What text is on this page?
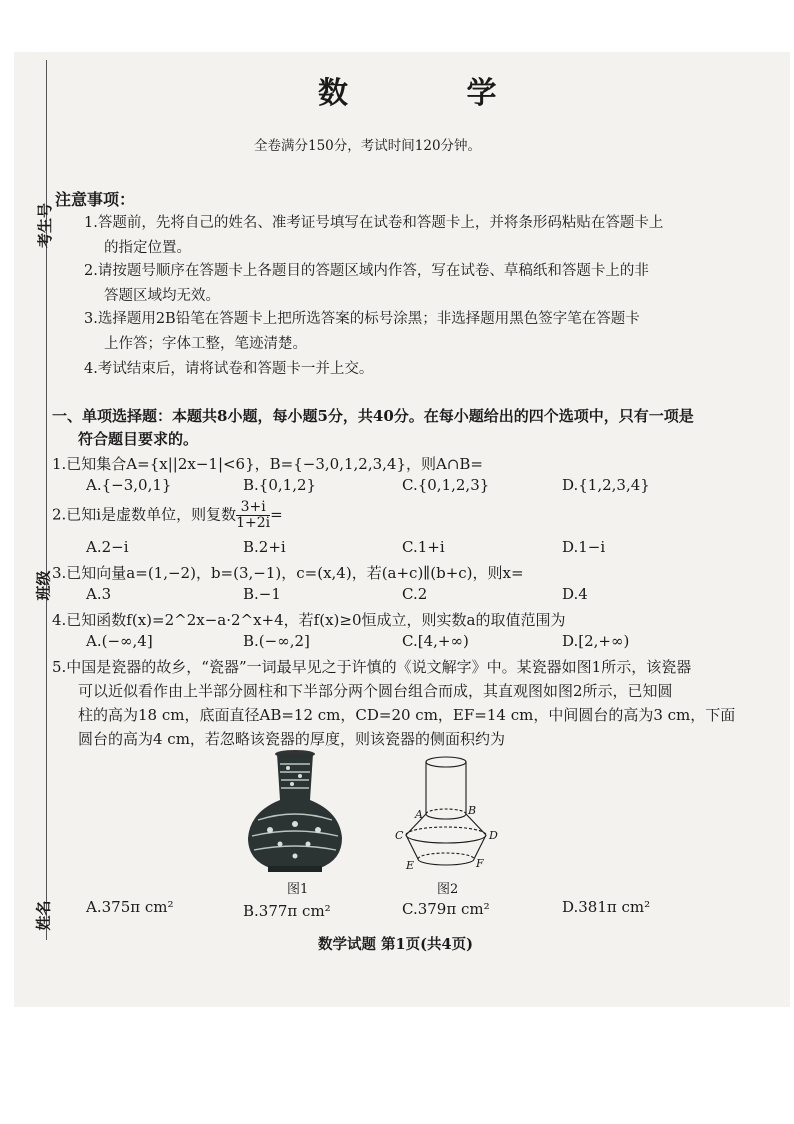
考生号
班级
姓名
数 学
全卷满分150分，考试时间120分钟。
注意事项：
1.答题前，先将自己的姓名、准考证号填写在试卷和答题卡上，并将条形码粘贴在答题卡上
的指定位置。
2.请按题号顺序在答题卡上各题目的答题区域内作答，写在试卷、草稿纸和答题卡上的非
答题区域均无效。
3.选择题用2B铅笔在答题卡上把所选答案的标号涂黑；非选择题用黑色签字笔在答题卡
上作答；字体工整，笔迹清楚。
4.考试结束后，请将试卷和答题卡一并上交。
一、单项选择题：本题共8小题，每小题5分，共40分。在每小题给出的四个选项中，只有一项是
符合题目要求的。
1.已知集合A={x||2x−1|<6}，B={−3,0,1,2,3,4}，则A∩B=
A.{−3,0,1}	B.{0,1,2}	C.{0,1,2,3}	D.{1,2,3,4}
2.已知i是虚数单位，则复数 $\frac{3+i}{1+2i}$ =
A.2−i	B.2+i	C.1+i	D.1−i
3.已知向量a=(1,−2)，b=(3,−1)，c=(x,4)，若(a+c)∥(b+c)，则x=
A.3	B.−1	C.2	D.4
4.已知函数f(x)=2^2x−a·2^x+4，若f(x)≥0恒成立，则实数a的取值范围为
A.(−∞,4]	B.(−∞,2]	C.[4,+∞)	D.[2,+∞)
5.中国是瓷器的故乡，“瓷器”一词最早见之于许慎的《说文解字》中。某瓷器如图1所示，该瓷器
可以近似看作由上半部分圆柱和下半部分两个圆台组合而成，其直观图如图2所示，已知圆
柱的高为18 cm，底面直径AB=12 cm，CD=20 cm，EF=14 cm，中间圆台的高为3 cm，下面
圆台的高为4 cm，若忽略该瓷器的厚度，则该瓷器的侧面积约为
图1
A	B
C	D
E	F
图2
A.375π cm²	B.377π cm²	C.379π cm²	D.381π cm²
数学试题 第1页(共4页)
